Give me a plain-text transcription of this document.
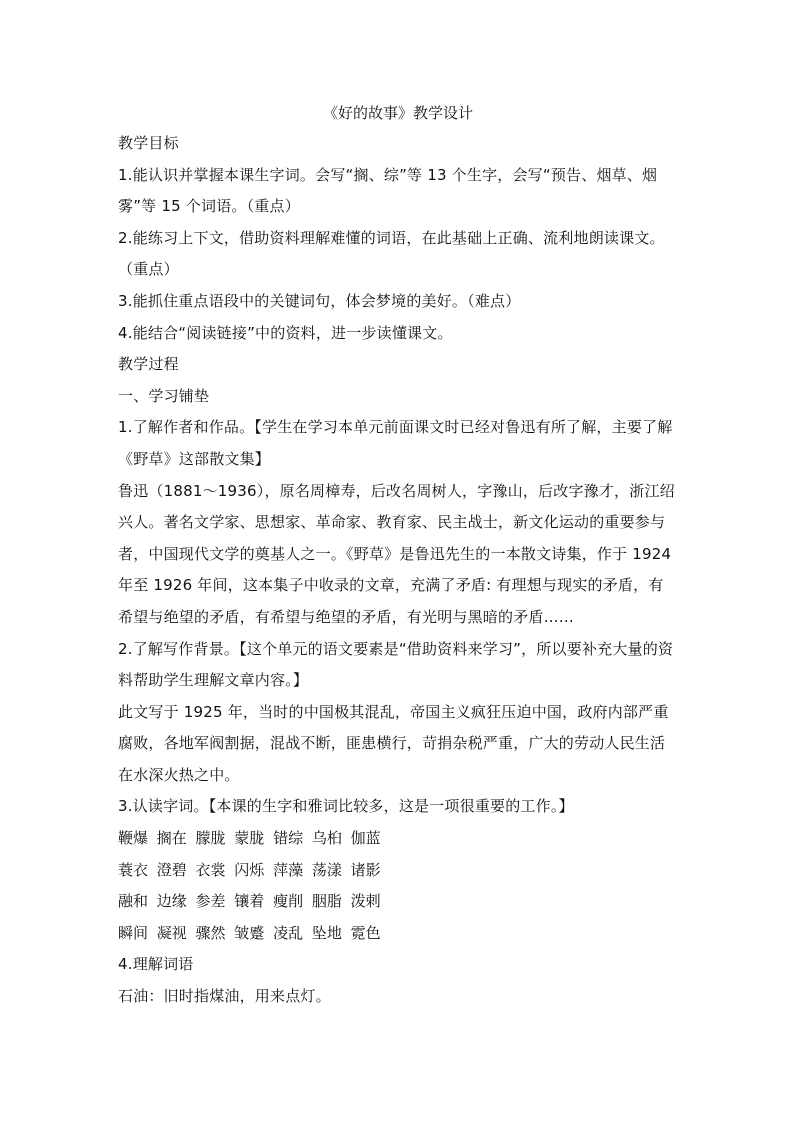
《好的故事》教学设计

教学目标

1.能认识并掌握本课生字词。会写“搁、综”等 13 个生字，会写“预告、烟草、烟雾”等 15 个词语。（重点）

2.能练习上下文，借助资料理解难懂的词语，在此基础上正确、流利地朗读课文。（重点）

3.能抓住重点语段中的关键词句，体会梦境的美好。（难点）

4.能结合“阅读链接”中的资料，进一步读懂课文。

教学过程

一、学习铺垫

1.了解作者和作品。【学生在学习本单元前面课文时已经对鲁迅有所了解，主要了解《野草》这部散文集】

鲁迅（1881～1936），原名周樟寿，后改名周树人，字豫山，后改字豫才，浙江绍兴人。著名文学家、思想家、革命家、教育家、民主战士，新文化运动的重要参与者，中国现代文学的奠基人之一。《野草》是鲁迅先生的一本散文诗集，作于 1924 年至 1926 年间，这本集子中收录的文章，充满了矛盾: 有理想与现实的矛盾，有希望与绝望的矛盾，有希望与绝望的矛盾，有光明与黑暗的矛盾……

2.了解写作背景。【这个单元的语文要素是“借助资料来学习”，所以要补充大量的资料帮助学生理解文章内容。】

此文写于 1925 年，当时的中国极其混乱，帝国主义疯狂压迫中国，政府内部严重腐败，各地军阀割据，混战不断，匪患横行，苛捐杂税严重，广大的劳动人民生活在水深火热之中。

3.认读字词。【本课的生字和雅词比较多，这是一项很重要的工作。】

鞭爆 搁在 朦胧 蒙胧 错综 乌桕 伽蓝

蓑衣 澄碧 衣裳 闪烁 萍藻 荡漾 诸影

融和 边缘 参差 镶着 瘦削 胭脂 泼剌

瞬间 凝视 骤然 皱蹙 凌乱 坠地 霓色

4.理解词语

石油：旧时指煤油，用来点灯。
